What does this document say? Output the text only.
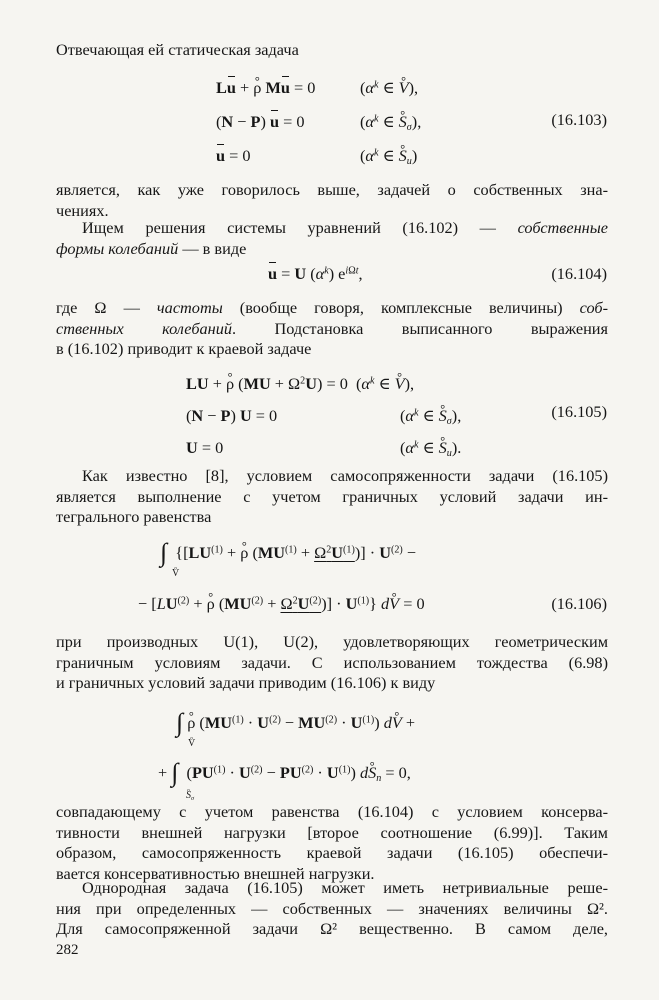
Отвечающая ей статическая задача

Lu + ° ρ Mu = 0	($\alpha^k$ ∈ ° V),
(N − P) u = 0	($\alpha^k$ ∈ ° $S_\sigma$),	(16.103)
u = 0	($\alpha^k$ ∈ ° $S_u$)
является, как уже говорилось выше, задачей о собственных зна-
чениях.
Ищем решения системы уравнений (16.102) — собственные
формы колебаний — в виде
u = U $(\alpha^k)$ $e^{i\Omega t}$,	(16.104)
где Ω — частоты (вообще говоря, комплексные величины) соб-
ственных колебаний. Подстановка выписанного выражения
в (16.102) приводит к краевой задаче
LU + ° ρ $(MU + \Omega^2U) = 0$  ($\alpha^k$ ∈ ° V),
(N − P) U = 0	($\alpha^k$ ∈ ° $S_\sigma$),	(16.105)
U = 0	($\alpha^k$ ∈ ° $S_u$).
Как известно [8], условием самосопряженности задачи (16.105)
является выполнение с учетом граничных условий задачи ин-
тегрального равенства
∫
° V
{[$LU^{(1)}$ + ° ρ $(MU^{(1)} + \Omega^2U^{(1)})] \cdot U^{(2)}$ −
− [$LU^{(2)}$ + ° ρ $(MU^{(2)} + \Omega^2U^{(2)})] \cdot U^{(1)}$} d° V = 0	(16.106)
при производных U(1), U(2), удовлетворяющих геометрическим
граничным условиям задачи. С использованием тождества (6.98)
и граничных условий задачи приводим (16.106) к виду
∫
° V
° ρ $(MU^{(1)} \cdot U^{(2)} - MU^{(2)} \cdot U^{(1)})$ d° V +
+ ∫
° $S_\sigma$
$(PU^{(1)} \cdot U^{(2)} - PU^{(2)} \cdot U^{(1)})$ d° $S_n = 0$,
совпадающему с учетом равенства (16.104) с условием консерва-
тивности внешней нагрузки [второе соотношение (6.99)]. Таким
образом, самосопряженность краевой задачи (16.105) обеспечи-
вается консервативностью внешней нагрузки.
Однородная задача (16.105) может иметь нетривиальные реше-
ния при определенных — собственных — значениях величины Ω².
Для самосопряженной задачи Ω² вещественно. В самом деле,
282
